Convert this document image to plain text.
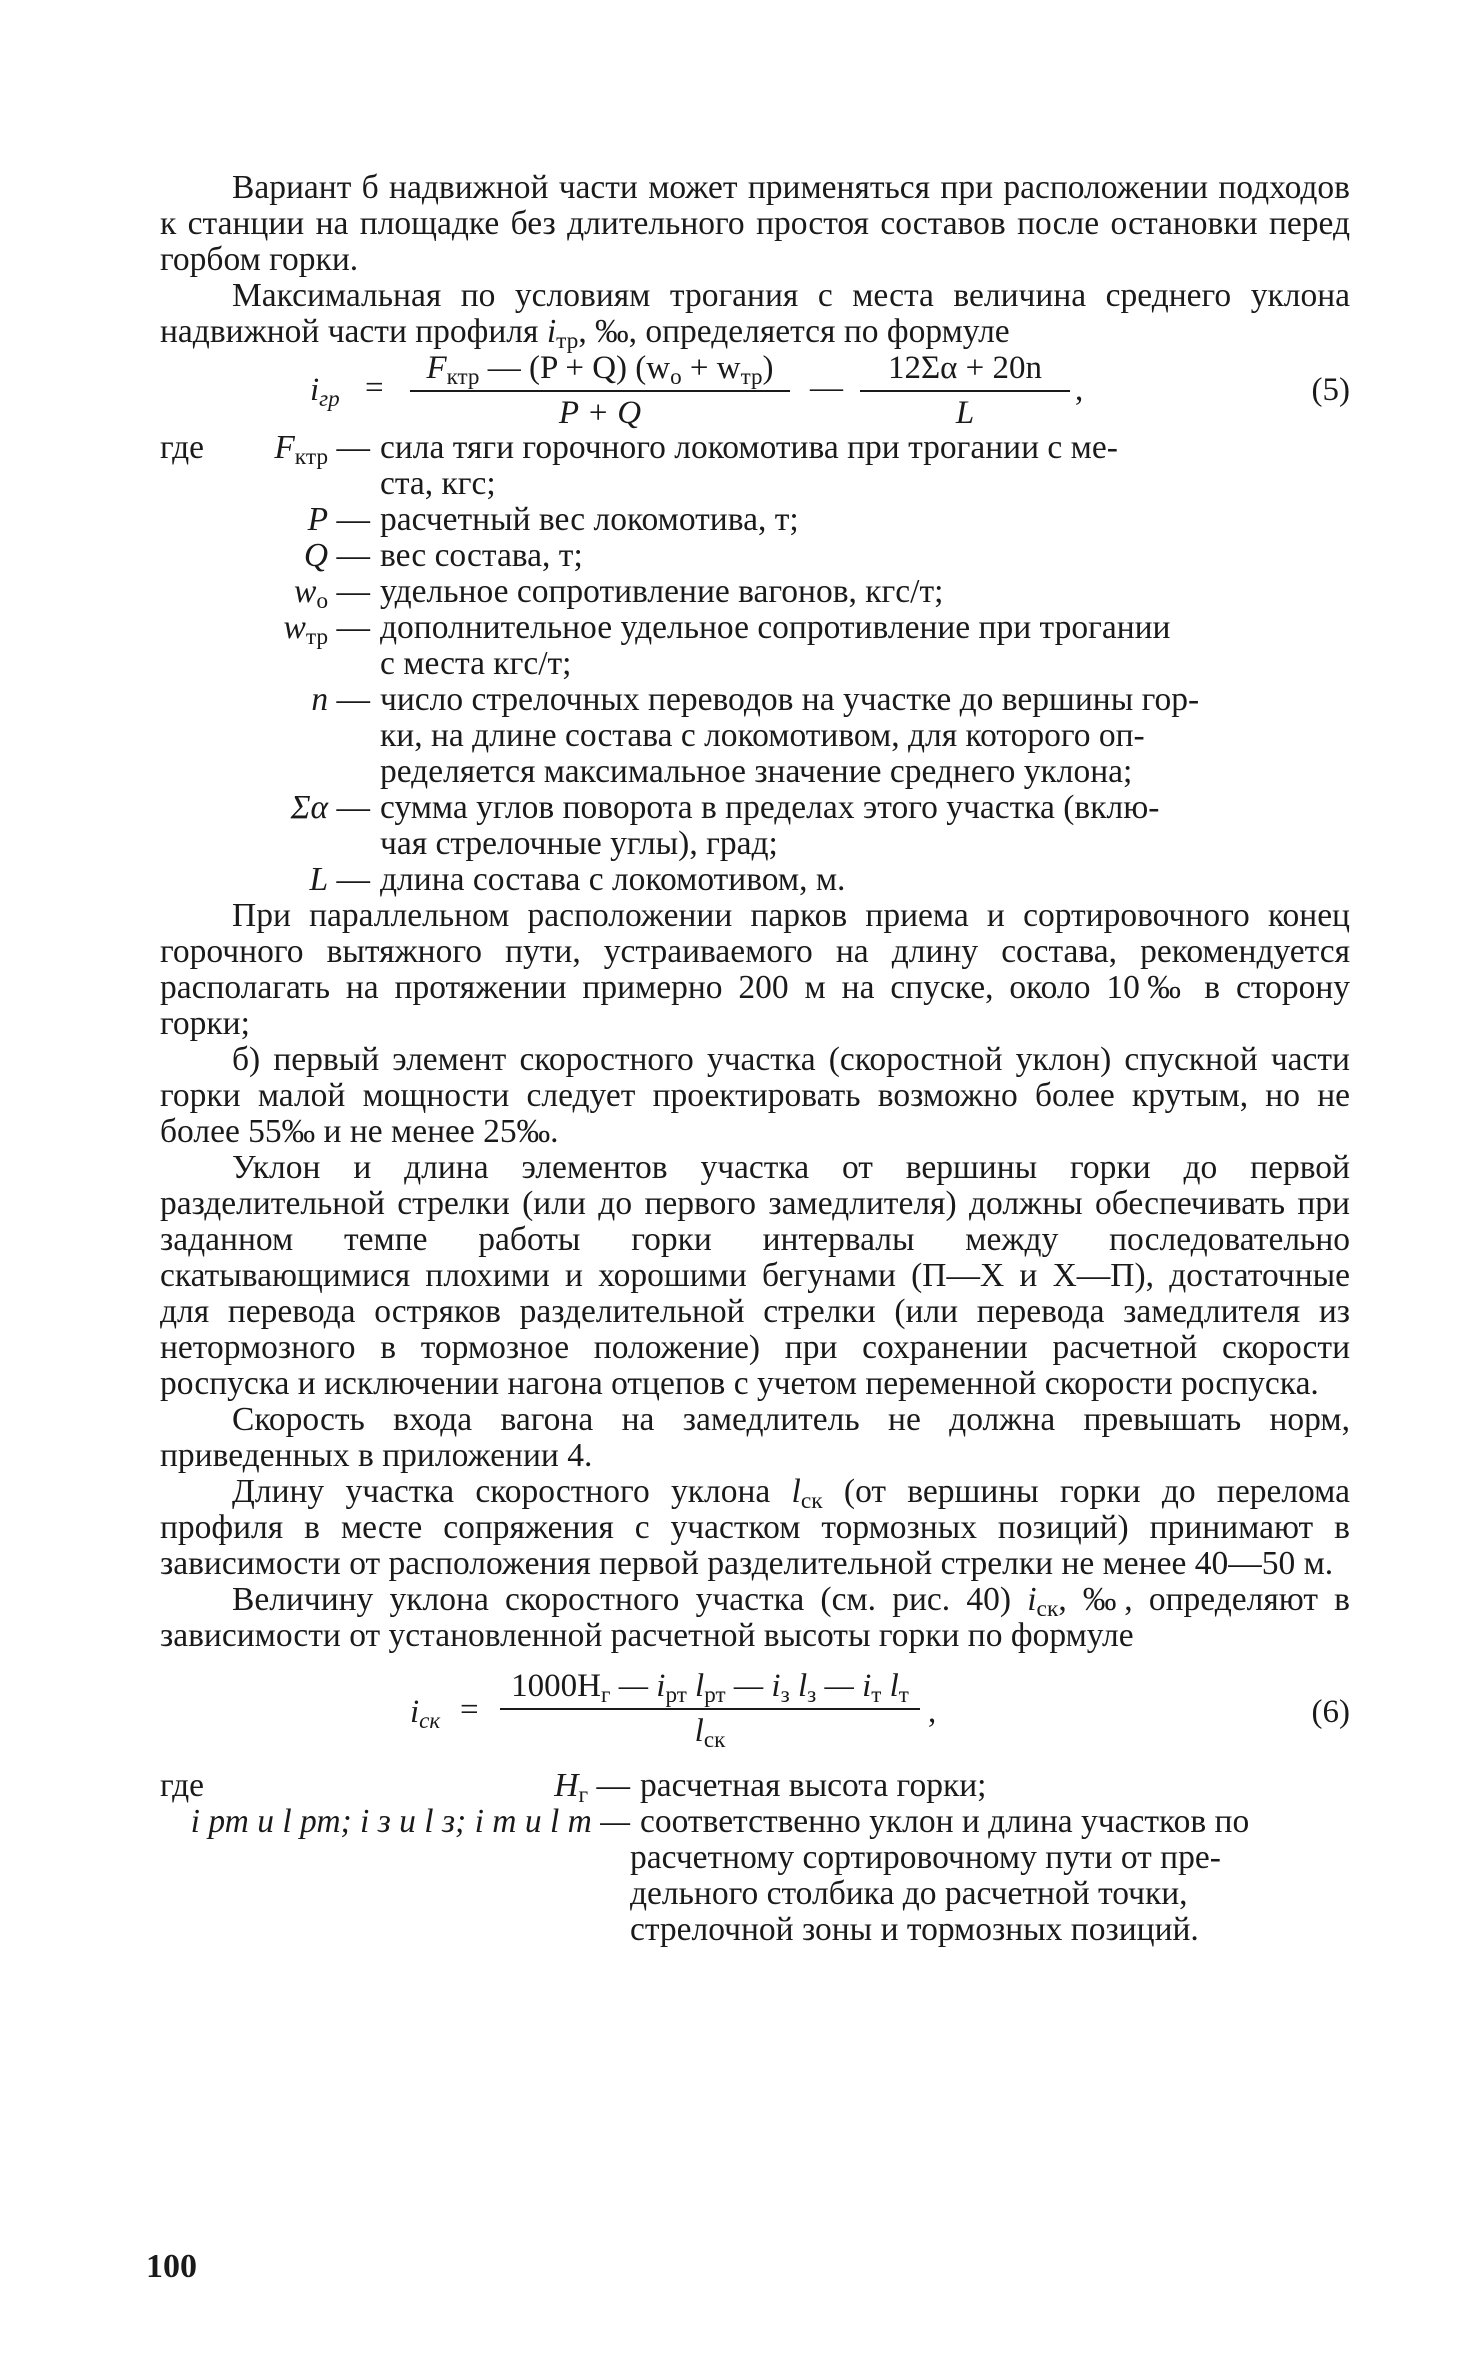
Вариант б надвижной части может применяться при расположении подходов к станции на площадке без длительного простоя составов после остановки перед горбом горки.

Максимальная по условиям трогания с места величина среднего уклона надвижной части профиля $i_{тр}$, ‰, определяется по формуле

$i_{гр}$ =
$F_{ктр}$ — (P + Q) $(w_о + w_{тр})$
P + Q
—
12Σα + 20n
L
,	(5)
где $F_{ктр}$ — сила тяги горочного локомотива при трогании с ме-
ста, кгс;
P — расчетный вес локомотива, т;
Q — вес состава, т;
$w_о$ — удельное сопротивление вагонов, кгс/т;
$w_{тр}$ — дополнительное удельное сопротивление при трогании
с места кгс/т;
n — число стрелочных переводов на участке до вершины гор-
ки, на длине состава с локомотивом, для которого оп-
ределяется максимальное значение среднего уклона;
Σα — сумма углов поворота в пределах этого участка (вклю-
чая стрелочные углы), град;
L — длина состава с локомотивом, м.

При параллельном расположении парков приема и сортировочного конец горочного вытяжного пути, устраиваемого на длину состава, рекомендуется располагать на протяжении примерно 200 м на спуске, около 10‰ в сторону горки;

б) первый элемент скоростного участка (скоростной уклон) спускной части горки малой мощности следует проектировать возможно более крутым, но не более 55‰ и не менее 25‰.

Уклон и длина элементов участка от вершины горки до первой разделительной стрелки (или до первого замедлителя) должны обеспечивать при заданном темпе работы горки интервалы между последовательно скатывающимися плохими и хорошими бегунами (П—Х и Х—П), достаточные для перевода остряков разделительной стрелки (или перевода замедлителя из нетормозного в тормозное положение) при сохранении расчетной скорости роспуска и исключении нагона отцепов с учетом переменной скорости роспуска.

Скорость входа вагона на замедлитель не должна превышать норм, приведенных в приложении 4.

Длину участка скоростного уклона $l_{ск}$ (от вершины горки до перелома профиля в месте сопряжения с участком тормозных позиций) принимают в зависимости от расположения первой разделительной стрелки не менее 40—50 м.

Величину уклона скоростного участка (см. рис. 40) $i_{ск}$, ‰, определяют в зависимости от установленной расчетной высоты горки по формуле

$i_{ск}$ =
$1000H_г$ — $i_{рт}$ $l_{рт}$ — $i_з$ $l_з$ — $i_т$ $l_т$
$l_{ск}$
,	(6)
где	$H_г$ — расчетная высота горки;
i рт и l рт; i з и l з; i т и l т — соответственно уклон и длина участков по
расчетному сортировочному пути от пре-
дельного столбика до расчетной точки,
стрелочной зоны и тормозных позиций.
100
